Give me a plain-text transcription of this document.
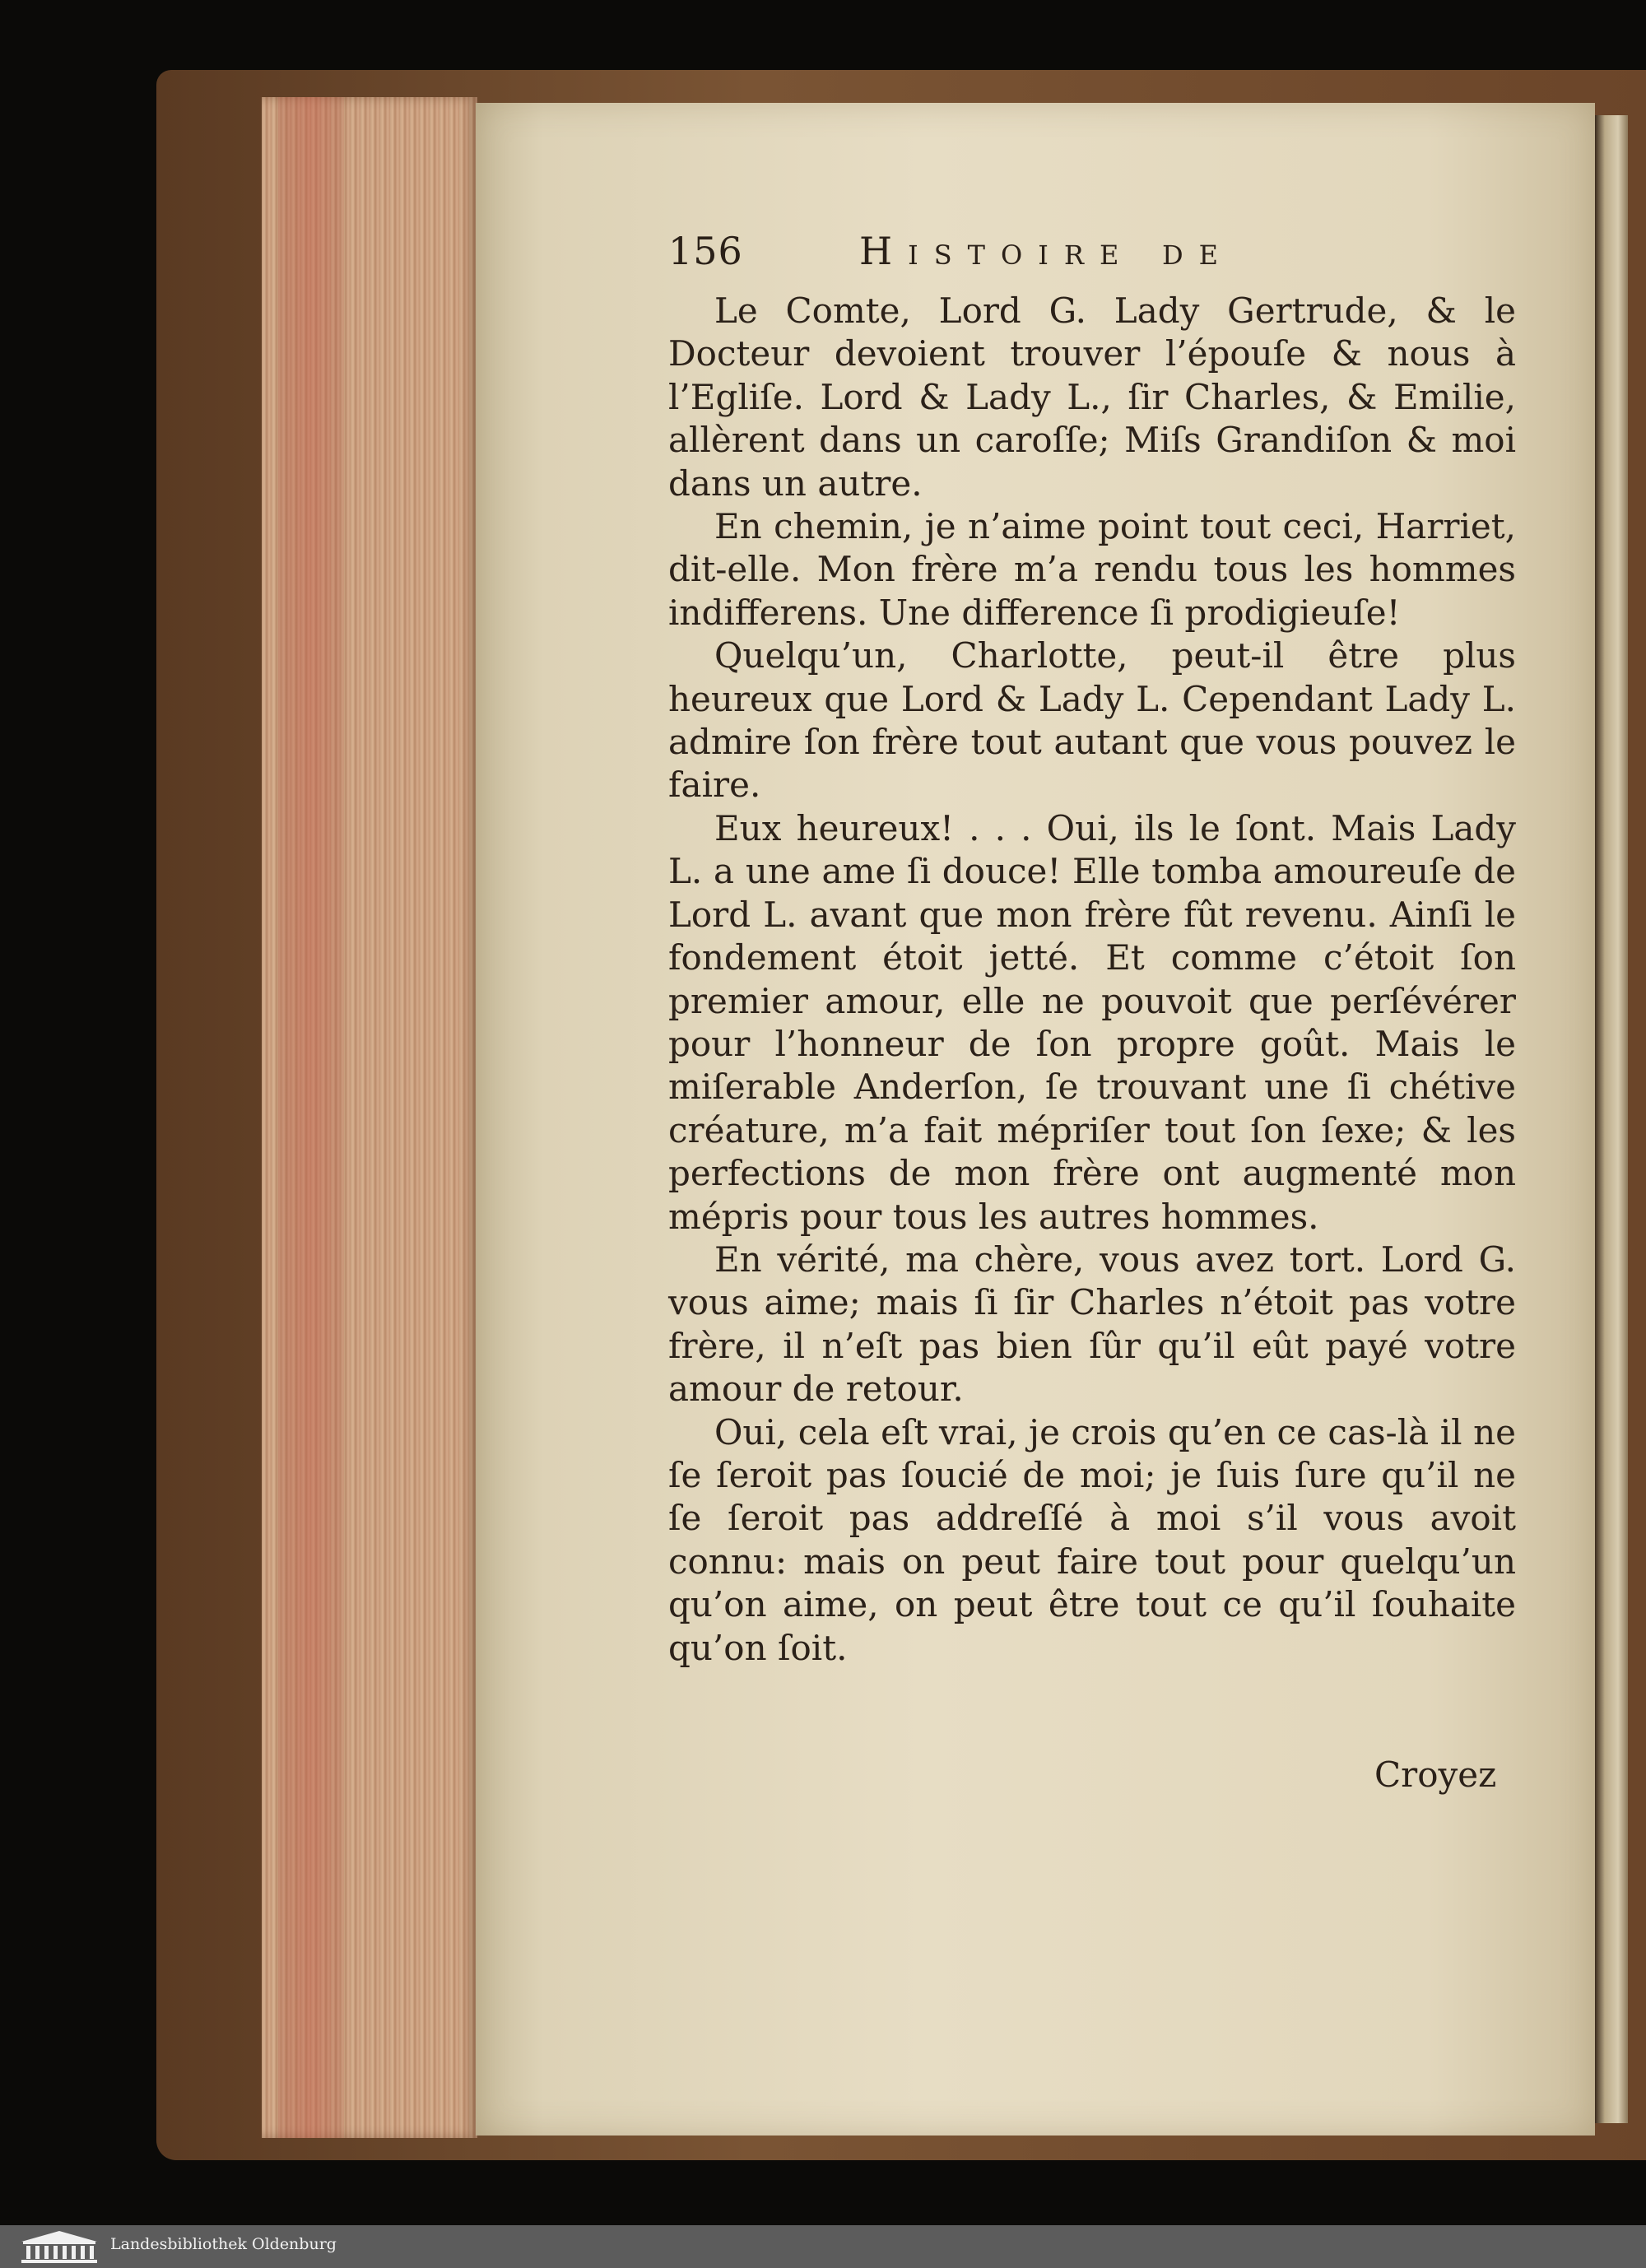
156	Histoire de

Le Comte, Lord G. Lady Gertrude, & le Docteur devoient trouver l’épouſe & nous à l’Egliſe. Lord & Lady L., ſir Charles, & Emilie, allèrent dans un caroſſe; Miſs Grandiſon & moi dans un autre.

En chemin, je n’aime point tout ceci, Harriet, dit-elle. Mon frère m’a rendu tous les hommes indifferens. Une difference ſi prodigieuſe!

Quelqu’un, Charlotte, peut-il être plus heureux que Lord & Lady L. Cependant Lady L. admire ſon frère tout autant que vous pouvez le faire.

Eux heureux! . . . Oui, ils le ſont. Mais Lady L. a une ame ſi douce! Elle tomba amoureuſe de Lord L. avant que mon frère fût revenu. Ainſi le fondement étoit jetté. Et comme c’étoit ſon premier amour, elle ne pouvoit que perſévérer pour l’honneur de ſon propre goût. Mais le miſerable Anderſon, ſe trouvant une ſi chétive créature, m’a fait mépriſer tout ſon ſexe; & les perfections de mon frère ont augmenté mon mépris pour tous les autres hommes.

En vérité, ma chère, vous avez tort. Lord G. vous aime; mais ſi ſir Charles n’étoit pas votre frère, il n’eſt pas bien ſûr qu’il eût payé votre amour de retour.

Oui, cela eſt vrai, je crois qu’en ce cas-là il ne ſe ſeroit pas ſoucié de moi; je ſuis ſure qu’il ne ſe ſeroit pas addreſſé à moi s’il vous avoit connu: mais on peut faire tout pour quelqu’un qu’on aime, on peut être tout ce qu’il ſouhaite qu’on ſoit.

Croyez
Landesbibliothek Oldenburg
